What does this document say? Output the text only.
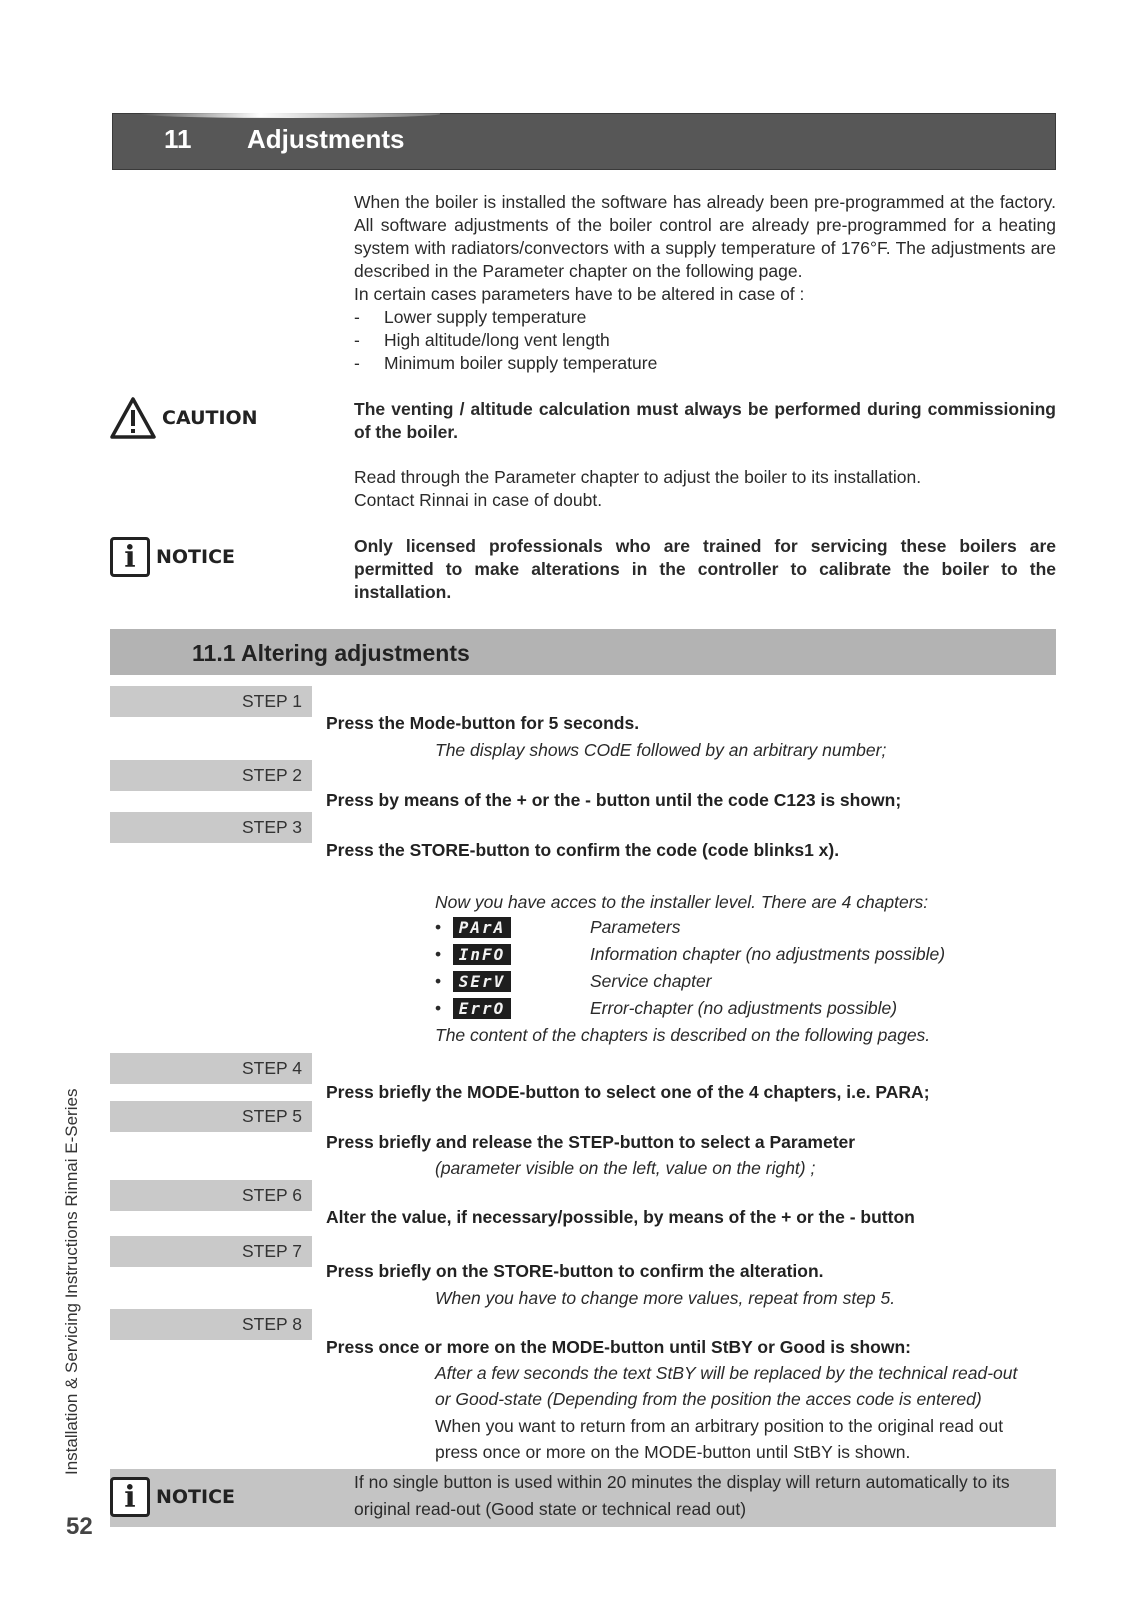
11 Adjustments

When the boiler is installed the software has already been pre-programmed at the factory. All software adjustments of the boiler control are already pre-programmed for a heating system with radiators/convectors with a supply temperature of 176°F. The adjustments are described in the Parameter chapter on the following page.

In certain cases parameters have to be altered in case of :

- Lower supply temperature
- High altitude/long vent length
- Minimum boiler supply temperature
CAUTION	The venting / altitude calculation must always be performed during commissioning of the boiler.
Read through the Parameter chapter to adjust the boiler to its installation.
Contact Rinnai in case of doubt.
i	NOTICE	Only licensed professionals who are trained for servicing these boilers are permitted to make alterations in the controller to calibrate the boiler to the installation.
11.1 Altering adjustments
STEP 1
Press the Mode-button for 5 seconds.
The display shows COdE followed by an arbitrary number;
STEP 2
Press by means of the + or the - button until the code C123 is shown;
STEP 3
Press the STORE-button to confirm the code (code blinks1 x).
Now you have acces to the installer level. There are 4 chapters:
•	PArA	Parameters
•	InFO	Information chapter (no adjustments possible)
•	SErV	Service chapter
•	ErrO	Error-chapter (no adjustments possible)
The content of the chapters is described on the following pages.
STEP 4
Press briefly the MODE-button to select one of the 4 chapters, i.e. PARA;
STEP 5
Press briefly and release the STEP-button to select a Parameter
(parameter visible on the left, value on the right) ;
STEP 6
Alter the value, if necessary/possible, by means of the + or the - button
STEP 7
Press briefly on the STORE-button to confirm the alteration.
When you have to change more values, repeat from step 5.
STEP 8
Press once or more on the MODE-button until StBY or Good is shown:
After a few seconds the text StBY will be replaced by the technical read-out
or Good-state (Depending from the position the acces code is entered)
When you want to return from an arbitrary position to the original read out
press once or more on the MODE-button until StBY is shown.
i	NOTICE
If no single button is used within 20 minutes the display will return automatically to its
original read-out (Good state or technical read out)
Installation & Servicing Instructions Rinnai E-Series
52
